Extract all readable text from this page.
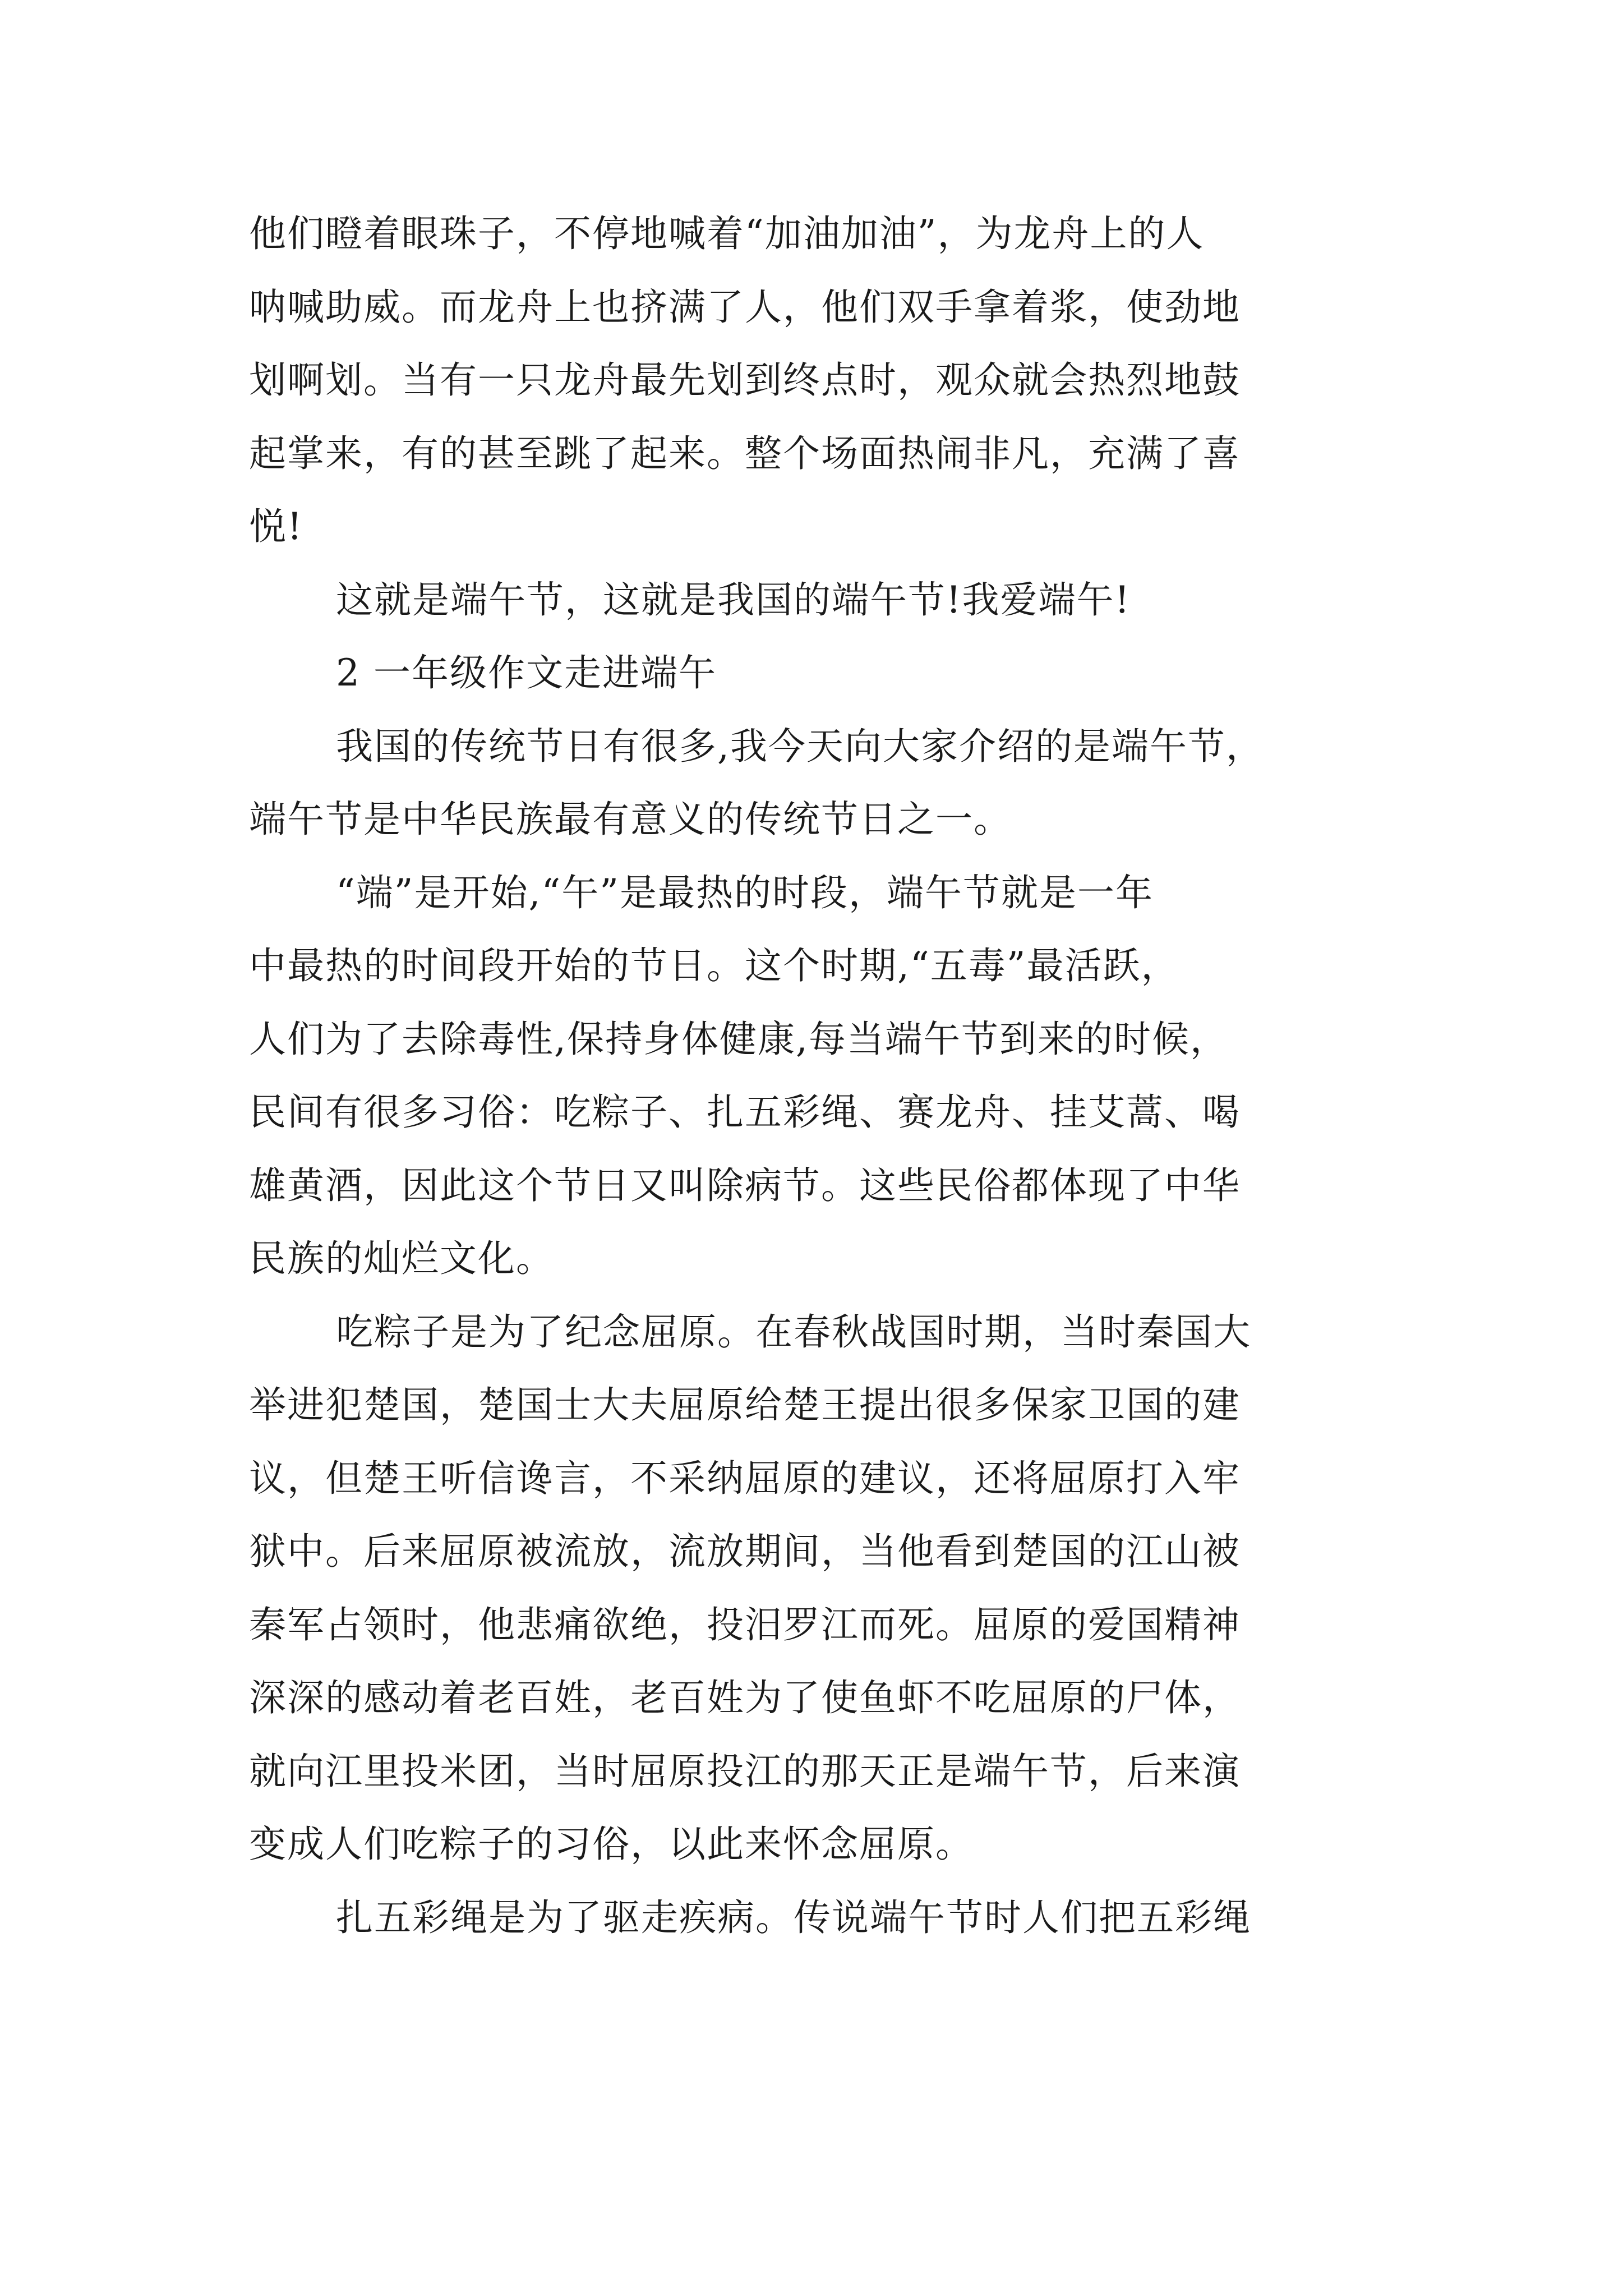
他们瞪着眼珠子，不停地喊着“加油加油”，为龙舟上的人
呐喊助威。而龙舟上也挤满了人，他们双手拿着浆，使劲地
划啊划。当有一只龙舟最先划到终点时，观众就会热烈地鼓
起掌来，有的甚至跳了起来。整个场面热闹非凡，充满了喜
悦!
这就是端午节，这就是我国的端午节!我爱端午!
2 一年级作文走进端午
我国的传统节日有很多,我今天向大家介绍的是端午节，
端午节是中华民族最有意义的传统节日之一。
“端”是开始,“午”是最热的时段，端午节就是一年
中最热的时间段开始的节日。这个时期,“五毒”最活跃，
人们为了去除毒性,保持身体健康,每当端午节到来的时候，
民间有很多习俗：吃粽子、扎五彩绳、赛龙舟、挂艾蒿、喝
雄黄酒，因此这个节日又叫除病节。这些民俗都体现了中华
民族的灿烂文化。
吃粽子是为了纪念屈原。在春秋战国时期，当时秦国大
举进犯楚国，楚国士大夫屈原给楚王提出很多保家卫国的建
议，但楚王听信谗言，不采纳屈原的建议，还将屈原打入牢
狱中。后来屈原被流放，流放期间，当他看到楚国的江山被
秦军占领时，他悲痛欲绝，投汨罗江而死。屈原的爱国精神
深深的感动着老百姓，老百姓为了使鱼虾不吃屈原的尸体，
就向江里投米团，当时屈原投江的那天正是端午节，后来演
变成人们吃粽子的习俗，以此来怀念屈原。
扎五彩绳是为了驱走疾病。传说端午节时人们把五彩绳
